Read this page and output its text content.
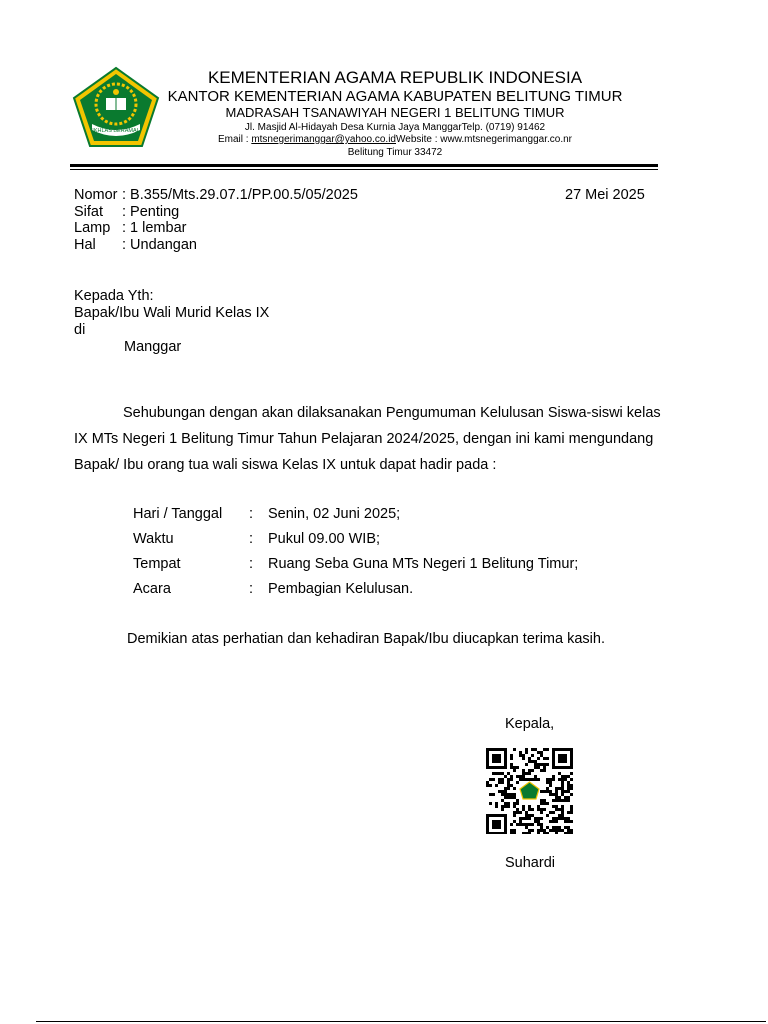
IKHLAS BERAMAL
KEMENTERIAN AGAMA REPUBLIK INDONESIA
KANTOR KEMENTERIAN AGAMA KABUPATEN BELITUNG TIMUR
MADRASAH TSANAWIYAH NEGERI 1 BELITUNG TIMUR
Jl. Masjid Al-Hidayah Desa Kurnia Jaya ManggarTelp. (0719) 91462
Email : mtsnegerimanggar@yahoo.co.idWebsite : www.mtsnegerimanggar.co.nr
Belitung Timur 33472
Nomor : B.355/Mts.29.07.1/PP.00.5/05/2025	27 Mei 2025
Sifat : Penting
Lamp : 1 lembar
Hal : Undangan
Kepada Yth:
Bapak/Ibu Wali Murid Kelas IX
di
Manggar
Sehubungan dengan akan dilaksanakan Pengumuman Kelulusan Siswa-siswi kelas
IX MTs Negeri 1 Belitung Timur Tahun Pelajaran 2024/2025, dengan ini kami mengundang
Bapak/ Ibu orang tua wali siswa Kelas IX untuk dapat hadir pada :
Hari / Tanggal : Senin, 02 Juni 2025;
Waktu	: Pukul 09.00 WIB;
Tempat	: Ruang Seba Guna MTs Negeri 1 Belitung Timur;
Acara	: Pembagian Kelulusan.
Demikian atas perhatian dan kehadiran Bapak/Ibu diucapkan terima kasih.
Kepala,
Suhardi
